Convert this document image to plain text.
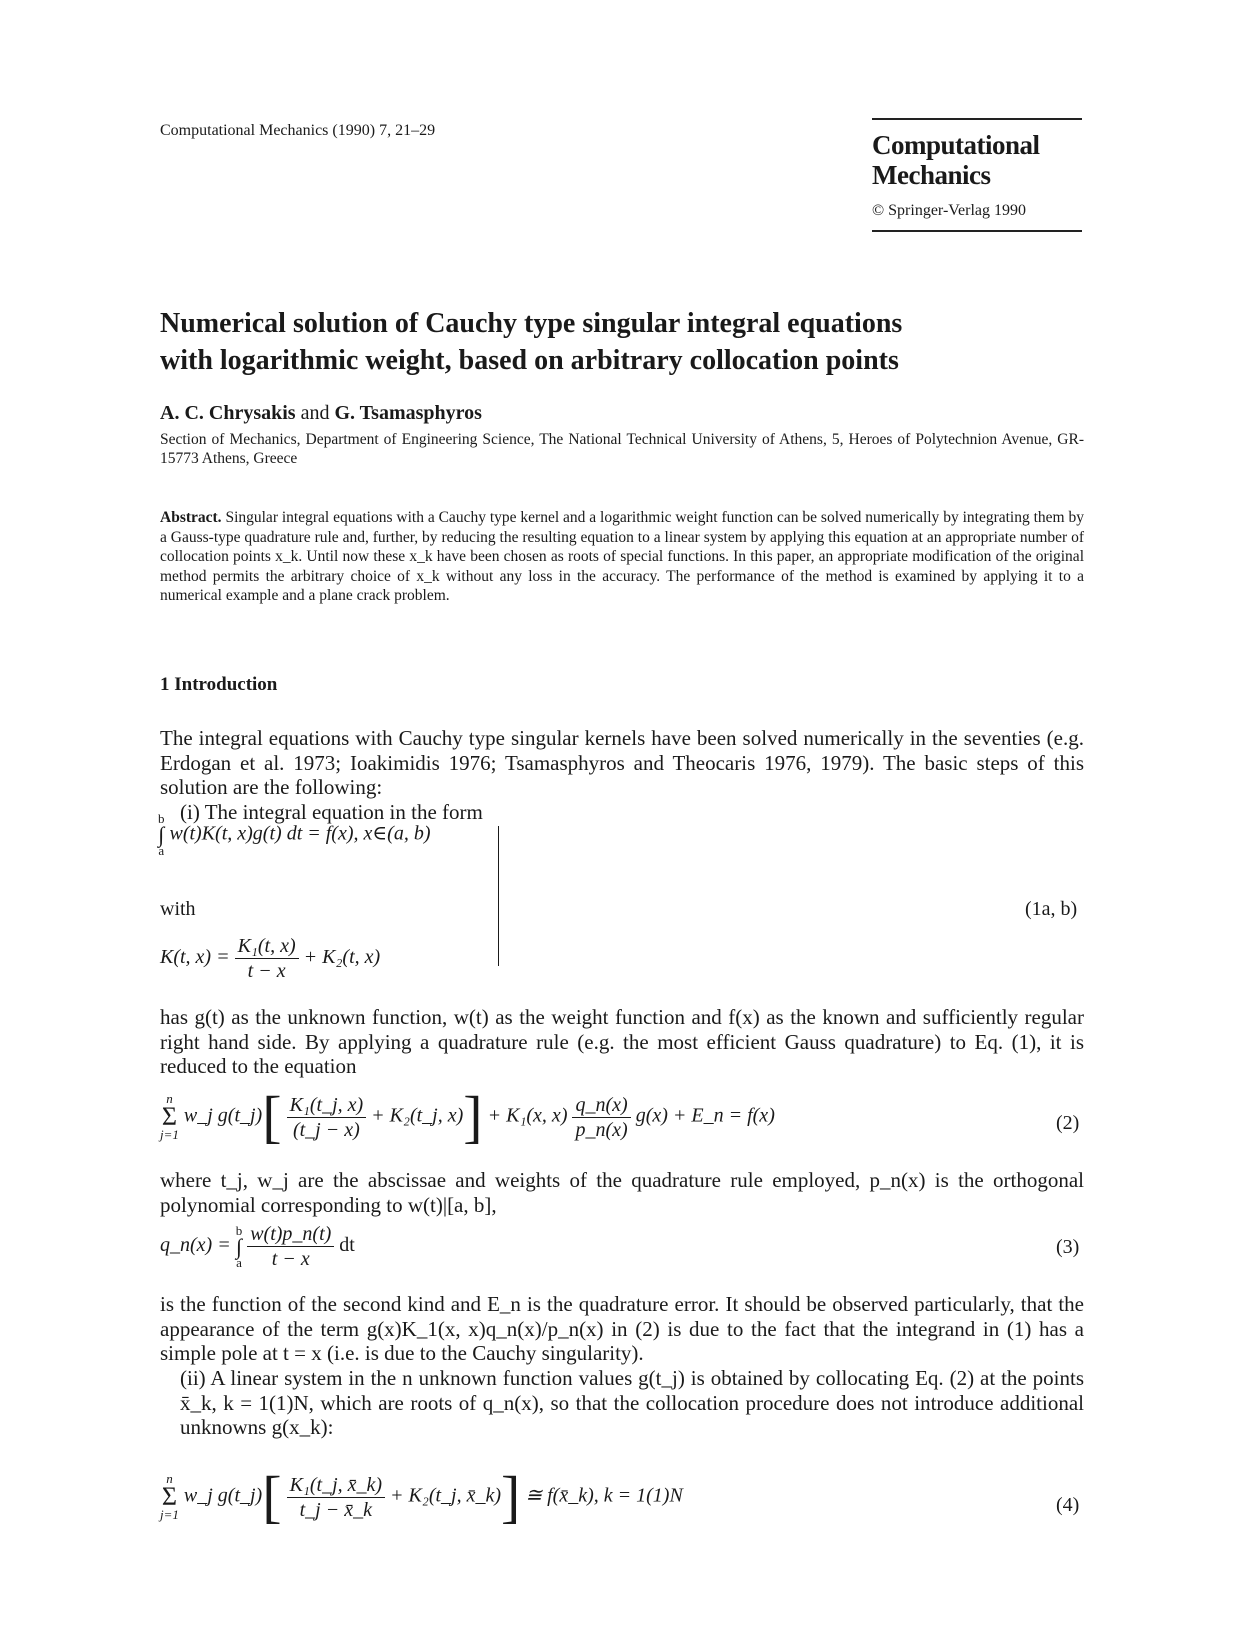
Computational Mechanics (1990) 7, 21–29	Computational
Mechanics
© Springer-Verlag 1990
Numerical solution of Cauchy type singular integral equations
with logarithmic weight, based on arbitrary collocation points
A. C. Chrysakis and G. Tsamasphyros
Section of Mechanics, Department of Engineering Science, The National Technical University of Athens, 5, Heroes of Polytechnion Avenue, GR-15773 Athens, Greece
Abstract. Singular integral equations with a Cauchy type kernel and a logarithmic weight function can be solved numerically by integrating them by a Gauss-type quadrature rule and, further, by reducing the resulting equation to a linear system by applying this equation at an appropriate number of collocation points x_k. Until now these x_k have been chosen as roots of special functions. In this paper, an appropriate modification of the original method permits the arbitrary choice of x_k without any loss in the accuracy. The performance of the method is examined by applying it to a numerical example and a plane crack problem.
1 Introduction
The integral equations with Cauchy type singular kernels have been solved numerically in the seventies (e.g. Erdogan et al. 1973; Ioakimidis 1976; Tsamasphyros and Theocaris 1976, 1979). The basic steps of this solution are the following:
(i) The integral equation in the form
b
∫
a w(t)K(t, x)g(t) dt = f(x), x∈(a, b)
with
K(t, $x) = \frac{\text{K₁(t, x)}}{t - x} + K_2(t$, x)
(1a, b)
has g(t) as the unknown function, w(t) as the weight function and f(x) as the known and sufficiently regular right hand side. By applying a quadrature rule (e.g. the most efficient Gauss quadrature) to Eq. (1), it is reduced to the equation
n
Σ
j=1 w_j g(t_j)[ $\frac{\text{K₁(t\_j, x)}}{(t\_j - x)}$ + K₂(t_j, x)] + K₁(x, $x) \frac{q\_n(x)}{p\_n(x)} g(x)$ + E_n = f(x)	(2)
where t_j, w_j are the abscissae and weights of the quadrature rule employed, p_n(x) is the orthogonal polynomial corresponding to w(t)|[a, b],
q_n(x) = b
∫
a $\frac{w(t)p\_n(t)}{t - x}$ dt	(3)
is the function of the second kind and E_n is the quadrature error. It should be observed particularly, that the appearance of the term g(x)K_1(x, x)q_n(x)/p_n(x) in (2) is due to the fact that the integrand in (1) has a simple pole at t = x (i.e. is due to the Cauchy singularity).
(ii) A linear system in the n unknown function values g(t_j) is obtained by collocating Eq. (2) at the points x̄_k, k = 1(1)N, which are roots of q_n(x), so that the collocation procedure does not introduce additional unknowns g(x_k):
n
Σ
j=1 w_j g(t_j)[ $\frac{\text{K₁(t\_j, x̄\_k)}}{t\_j - x̄\_k}$ + K₂(t_j, x̄_k)] ≅ f(x̄_k), k = 1(1)N	(4)
